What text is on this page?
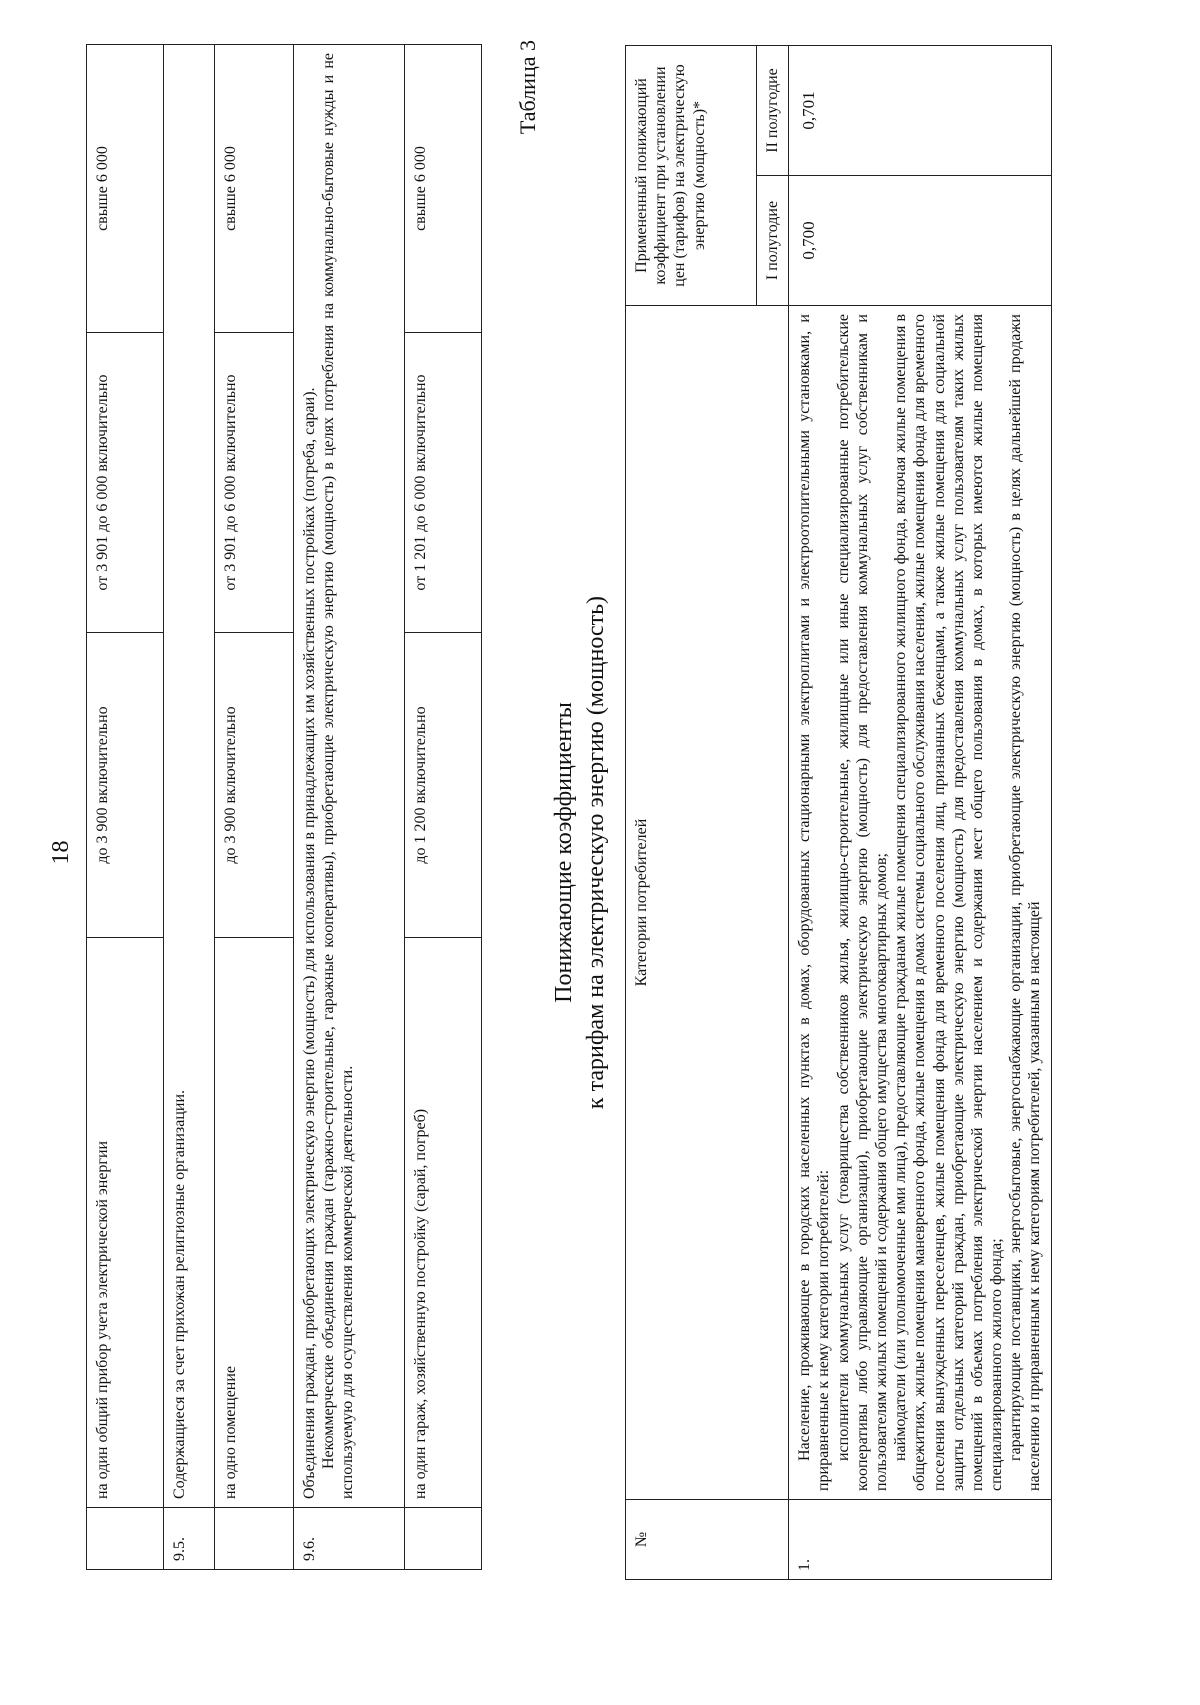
18
	на один общий прибор учета электрической энергии	до 3 900 включительно	от 3 901 до 6 000 включительно	свыше 6 000
9.5.	Содержащиеся за счет прихожан религиозные организации.			
	на одно помещение	до 3 900 включительно	от 3 901 до 6 000 включительно	свыше 6 000
9.6.	Объединения граждан, приобретающих электрическую энергию (мощность) для использования в принадлежащих им хозяйственных постройках (погреба, сараи). Некоммерческие объединения граждан (гаражно-строительные, гаражные кооперативы), приобретающие электрическую энергию (мощность) в целях потребления на коммунально-бытовые нужды и не используемую для осуществления коммерческой деятельности.			

	на один гараж, хозяйственную постройку (сарай, погреб)	до 1 200 включительно	от 1 201 до 6 000 включительно	свыше 6 000
Таблица 3
Понижающие коэффициенты к тарифам на электрическую энергию (мощность)
№	Категории потребителей	Примененный понижающий коэффициент при установлении цен (тарифов) на электрическую энергию (мощность)*	
		I полугодие	II полугодие
1.	Население, проживающее в городских населенных пунктах в домах, оборудованных стационарными электроплитами и электроотопительными установками, и приравненные к нему категории потребителей: исполнители коммунальных услуг (товарищества собственников жилья, жилищно-строительные, жилищные или иные специализированные потребительские кооперативы либо управляющие организации), приобретающие электрическую энергию (мощность) для предоставления коммунальных услуг собственникам и пользователям жилых помещений и содержания общего имущества многоквартирных домов; наймодатели (или уполномоченные ими лица), предоставляющие гражданам жилые помещения специализированного жилищного фонда, включая жилые помещения в общежитиях, жилые помещения маневренного фонда, жилые помещения в домах системы социального обслуживания населения, жилые помещения фонда для временного поселения вынужденных переселенцев, жилые помещения фонда для временного поселения лиц, признанных беженцами, а также жилые помещения для социальной защиты отдельных категорий граждан, приобретающие электрическую энергию (мощность) для предоставления коммунальных услуг пользователям таких жилых помещений в объемах потребления электрической энергии населением и содержания мест общего пользования в домах, в которых имеются жилые помещения специализированного жилого фонда; гарантирующие поставщики, энергосбытовые, энергоснабжающие организации, приобретающие электрическую энергию (мощность) в целях дальнейшей продажи населению и приравненным к нему категориям потребителей, указанным в настоящей	0,700	0,701
